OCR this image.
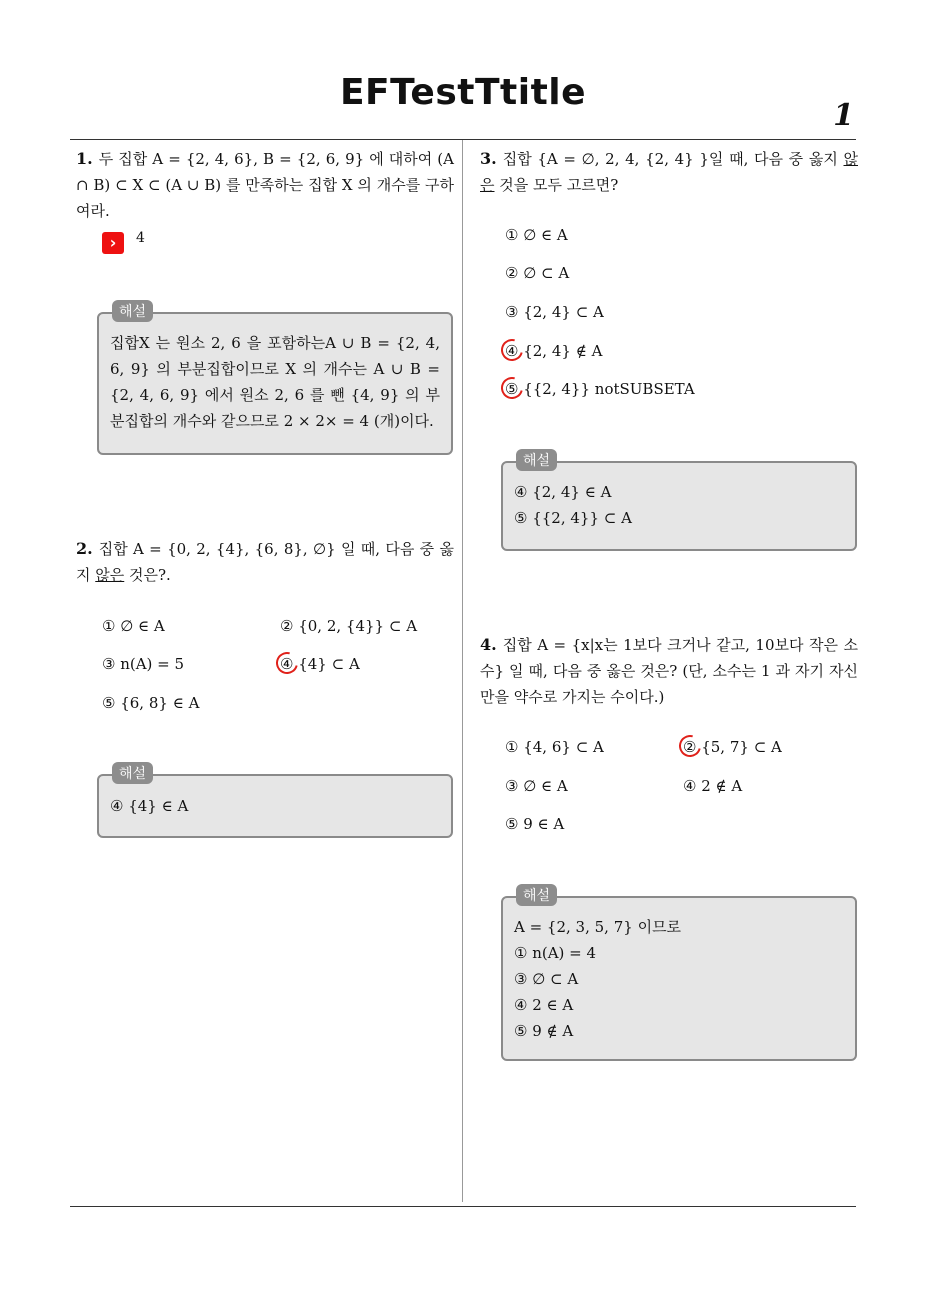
EFTestTtitle
1
1. 두 집합 A = {2, 4, 6}, B = {2, 6, 9} 에 대하여 (A ∩ B) ⊂ X ⊂ (A ∪ B) 를 만족하는 집합 X 의 개수를 구하여라.
›	4
해설
집합X 는 원소 2, 6 을 포함하는A ∪ B = {2, 4, 6, 9} 의 부분집합이므로 X 의 개수는 A ∪ B = {2, 4, 6, 9} 에서 원소 2, 6 를 뺀 {4, 9} 의 부분집합의 개수와 같으므로 2 × 2× = 4 (개)이다.
2. 집합 A = {0, 2, {4}, {6, 8}, ∅} 일 때, 다음 중 옳지 않은 것은?.
① ∅ ∈ A	② {0, 2, {4}} ⊂ A
③ n(A) = 5	④ {4} ⊂ A
⑤ {6, 8} ∈ A
해설
④ {4} ∈ A
3. 집합 {A = ∅, 2, 4, {2, 4} }일 때, 다음 중 옳지 않은 것을 모두 고르면?
① ∅ ∈ A
② ∅ ⊂ A
③ {2, 4} ⊂ A
④ {2, 4} ∉ A
⑤ {{2, 4}} notSUBSETA
해설
④ {2, 4} ∈ A
⑤ {{2, 4}} ⊂ A
4. 집합 A = {x|x는 1보다 크거나 같고, 10보다 작은 소수} 일 때, 다음 중 옳은 것은? (단, 소수는 1 과 자기 자신만을 약수로 가지는 수이다.)
① {4, 6} ⊂ A	② {5, 7} ⊂ A
③ ∅ ∈ A	④ 2 ∉ A
⑤ 9 ∈ A
해설
A = {2, 3, 5, 7} 이므로
① n(A) = 4
③ ∅ ⊂ A
④ 2 ∈ A
⑤ 9 ∉ A
